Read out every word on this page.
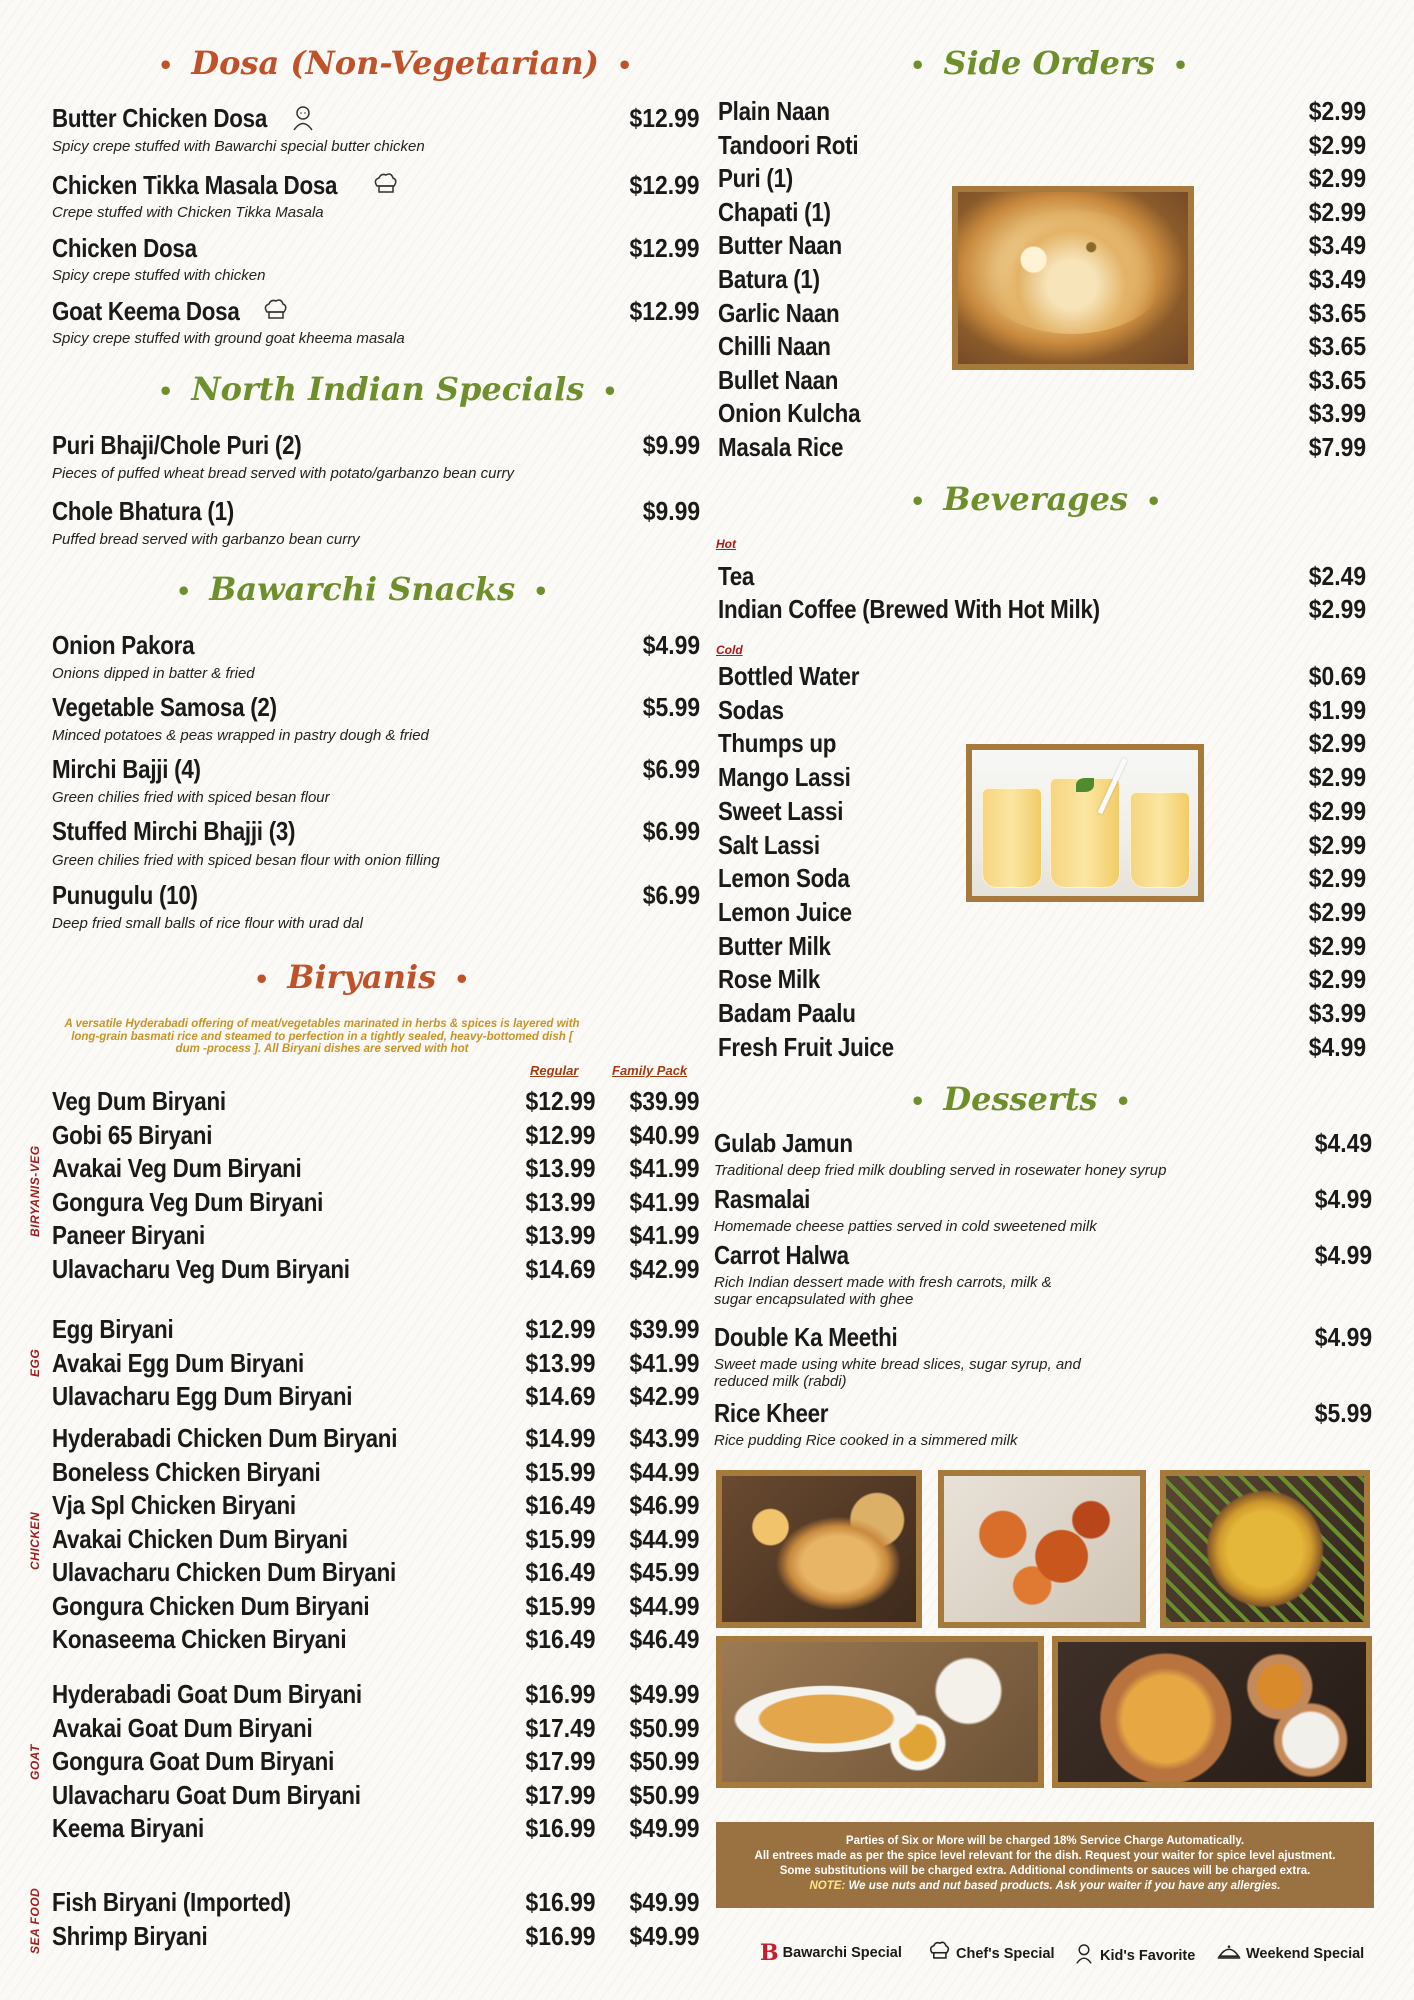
• Dosa (Non-Vegetarian) •
Butter Chicken Dosa	$12.99
Spicy crepe stuffed with Bawarchi special butter chicken
Chicken Tikka Masala Dosa	$12.99
Crepe stuffed with Chicken Tikka Masala
Chicken Dosa	$12.99
Spicy crepe stuffed with chicken
Goat Keema Dosa	$12.99
Spicy crepe stuffed with ground goat kheema masala
• North Indian Specials •
Puri Bhaji/Chole Puri (2)	$9.99
Pieces of puffed wheat bread served with potato/garbanzo bean curry
Chole Bhatura (1)	$9.99
Puffed bread served with garbanzo bean curry
• Bawarchi Snacks •
Onion Pakora	$4.99
Onions dipped in batter & fried
Vegetable Samosa (2)	$5.99
Minced potatoes & peas wrapped in pastry dough & fried
Mirchi Bajji (4)	$6.99
Green chilies fried with spiced besan flour
Stuffed Mirchi Bhajji (3)	$6.99
Green chilies fried with spiced besan flour with onion filling
Punugulu (10)	$6.99
Deep fried small balls of rice flour with urad dal
• Biryanis •
A versatile Hyderabadi offering of meat/vegetables marinated in herbs & spices is layered with long-grain basmati rice and steamed to perfection in a tightly sealed, heavy-bottomed dish [ dum -process ]. All Biryani dishes are served with hot
Regular	Family Pack
• Side Orders •
• Beverages •
Hot
Cold
• Desserts •
Parties of Six or More will be charged 18% Service Charge Automatically.
All entrees made as per the spice level relevant for the dish. Request your waiter for spice level ajustment.
Some substitutions will be charged extra. Additional condiments or sauces will be charged extra.
NOTE: We use nuts and nut based products. Ask your waiter if you have any allergies.
B Bawarchi Special	Chef's Special	Kid's Favorite	Weekend Special
Veg Dum Biryani	$12.99 $39.99
Gobi 65 Biryani	$12.99 $40.99
Avakai Veg Dum Biryani	$13.99 $41.99
Gongura Veg Dum Biryani	$13.99 $41.99
Paneer Biryani	$13.99 $41.99
Ulavacharu Veg Dum Biryani	$14.69 $42.99
BIRYANIS-VEG
Egg Biryani	$12.99 $39.99
Avakai Egg Dum Biryani	$13.99 $41.99
Ulavacharu Egg Dum Biryani	$14.69 $42.99
EGG
Hyderabadi Chicken Dum Biryani	$14.99 $43.99
Boneless Chicken Biryani	$15.99 $44.99
Vja Spl Chicken Biryani	$16.49 $46.99
Avakai Chicken Dum Biryani	$15.99 $44.99
Ulavacharu Chicken Dum Biryani	$16.49 $45.99
Gongura Chicken Dum Biryani	$15.99 $44.99
Konaseema Chicken Biryani	$16.49 $46.49
CHICKEN
Hyderabadi Goat Dum Biryani	$16.99 $49.99
Avakai Goat Dum Biryani	$17.49 $50.99
Gongura Goat Dum Biryani	$17.99 $50.99
Ulavacharu Goat Dum Biryani	$17.99 $50.99
Keema Biryani	$16.99 $49.99
GOAT
Fish Biryani (Imported)	$16.99 $49.99
Shrimp Biryani	$16.99 $49.99
SEA FOOD
Plain Naan	$2.99
Tandoori Roti	$2.99
Puri (1)	$2.99
Chapati (1)	$2.99
Butter Naan	$3.49
Batura (1)	$3.49
Garlic Naan	$3.65
Chilli Naan	$3.65
Bullet Naan	$3.65
Onion Kulcha	$3.99
Masala Rice	$7.99
Tea	$2.49
Indian Coffee (Brewed With Hot Milk)	$2.99
Bottled Water	$0.69
Sodas	$1.99
Thumps up	$2.99
Mango Lassi	$2.99
Sweet Lassi	$2.99
Salt Lassi	$2.99
Lemon Soda	$2.99
Lemon Juice	$2.99
Butter Milk	$2.99
Rose Milk	$2.99
Badam Paalu	$3.99
Fresh Fruit Juice	$4.99
Gulab Jamun	$4.49
Traditional deep fried milk doubling served in rosewater honey syrup
Rasmalai	$4.99
Homemade cheese patties served in cold sweetened milk
Carrot Halwa	$4.99
Rich Indian dessert made with fresh carrots, milk &
sugar encapsulated with ghee
Double Ka Meethi	$4.99
Sweet made using white bread slices, sugar syrup, and
reduced milk (rabdi)
Rice Kheer	$5.99
Rice pudding Rice cooked in a simmered milk
